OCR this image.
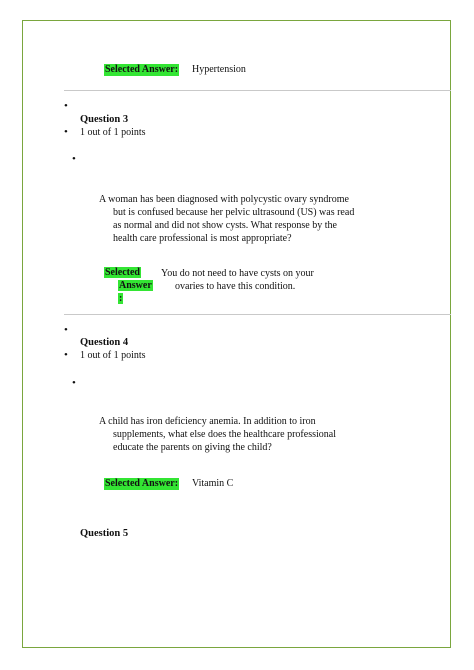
Selected Answer: Hypertension
•
Question 3
• 1 out of 1 points
•
A woman has been diagnosed with polycystic ovary syndrome
but is confused because her pelvic ultrasound (US) was read
as normal and did not show cysts. What response by the
health care professional is most appropriate?
Selected
Answer
:
You do not need to have cysts on your
ovaries to have this condition.
•
Question 4
• 1 out of 1 points
•
A child has iron deficiency anemia. In addition to iron
supplements, what else does the healthcare professional
educate the parents on giving the child?
Selected Answer: Vitamin C
Question 5
